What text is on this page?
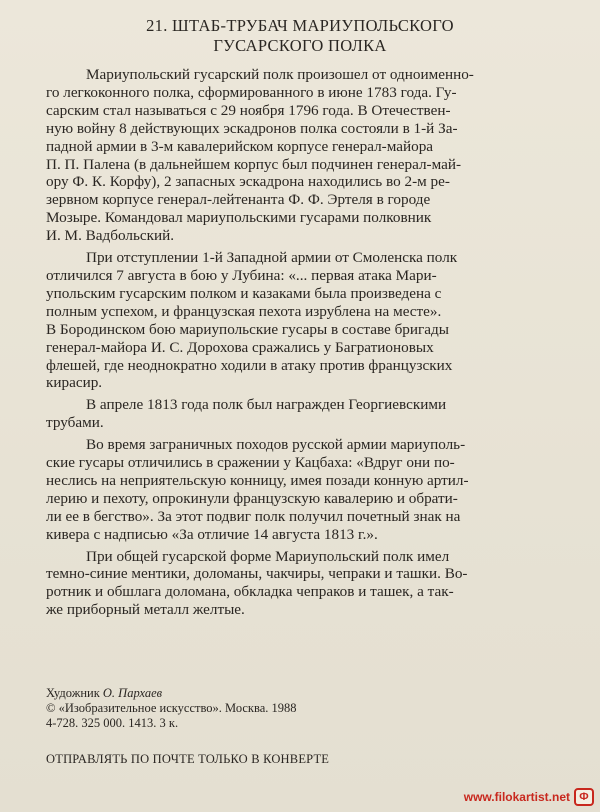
21. ШТАБ-ТРУБАЧ МАРИУПОЛЬСКОГО
ГУСАРСКОГО ПОЛКА
Мариупольский гусарский полк произошел от одноименно-
го легкоконного полка, сформированного в июне 1783 года. Гу-
сарским стал называться с 29 ноября 1796 года. В Отечествен-
ную войну 8 действующих эскадронов полка состояли в 1-й За-
падной армии в 3-м кавалерийском корпусе генерал-майора
П. П. Палена (в дальнейшем корпус был подчинен генерал-май-
ору Ф. К. Корфу), 2 запасных эскадрона находились во 2-м ре-
зервном корпусе генерал-лейтенанта Ф. Ф. Эртеля в городе
Мозыре. Командовал мариупольскими гусарами полковник
И. М. Вадбольский.
При отступлении 1-й Западной армии от Смоленска полк
отличился 7 августа в бою у Лубина: «... первая атака Мари-
упольским гусарским полком и казаками была произведена с
полным успехом, и французская пехота изрублена на месте».
В Бородинском бою мариупольские гусары в составе бригады
генерал-майора И. С. Дорохова сражались у Багратионовых
флешей, где неоднократно ходили в атаку против французских
кирасир.
В апреле 1813 года полк был награжден Георгиевскими
трубами.
Во время заграничных походов русской армии мариуполь-
ские гусары отличились в сражении у Кацбаха: «Вдруг они по-
неслись на неприятельскую конницу, имея позади конную артил-
лерию и пехоту, опрокинули французскую кавалерию и обрати-
ли ее в бегство». За этот подвиг полк получил почетный знак на
кивера с надписью «За отличие 14 августа 1813 г.».
При общей гусарской форме Мариупольский полк имел
темно-синие ментики, доломаны, чакчиры, чепраки и ташки. Во-
ротник и обшлага доломана, обкладка чепраков и ташек, а так-
же приборный металл желтые.
Художник О. Пархаев
© «Изобразительное искусство». Москва. 1988
4-728. 325 000. 1413. 3 к.
ОТПРАВЛЯТЬ ПО ПОЧТЕ ТОЛЬКО В КОНВЕРТЕ
www.filokartist.net Ф
